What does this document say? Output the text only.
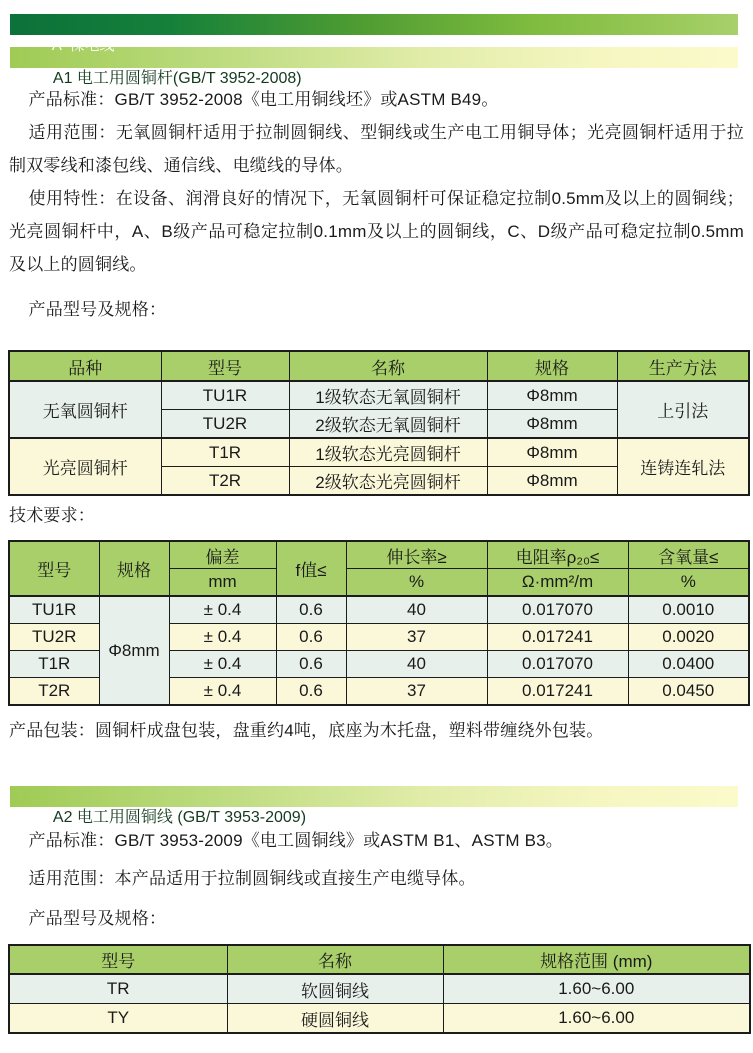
A  裸电线

A1 电工用圆铜杆(GB/T 3952-2008)

产品标准：GB/T 3952-2008《电工用铜线坯》或ASTM B49。

适用范围：无氧圆铜杆适用于拉制圆铜线、型铜线或生产电工用铜导体；光亮圆铜杆适用于拉制双零线和漆包线、通信线、电缆线的导体。

使用特性：在设备、润滑良好的情况下，无氧圆铜杆可保证稳定拉制0.5mm及以上的圆铜线；光亮圆铜杆中，A、B级产品可稳定拉制0.1mm及以上的圆铜线，C、D级产品可稳定拉制0.5mm及以上的圆铜线。

产品型号及规格：

品种	型号	名称	规格	生产方法
无氧圆铜杆	TU1R	1级软态无氧圆铜杆	Φ8mm	上引法
	TU2R	2级软态无氧圆铜杆	Φ8mm	
光亮圆铜杆	T1R	1级软态光亮圆铜杆	Φ8mm	连铸连轧法
	T2R	2级软态光亮圆铜杆	Φ8mm	

技术要求：

型号	规格	偏差	f值≤	伸长率≥	电阻率ρ₂₀≤	含氧量≤
		mm		%	Ω·mm²/m	%
TU1R	Φ8mm	± 0.4	0.6	40	0.017070	0.0010
TU2R		± 0.4	0.6	37	0.017241	0.0020
T1R		± 0.4	0.6	40	0.017070	0.0400
T2R		± 0.4	0.6	37	0.017241	0.0450

产品包装：圆铜杆成盘包装，盘重约4吨，底座为木托盘，塑料带缠绕外包装。

A2 电工用圆铜线 (GB/T 3953-2009)

产品标准：GB/T 3953-2009《电工圆铜线》或ASTM B1、ASTM B3。

适用范围：本产品适用于拉制圆铜线或直接生产电缆导体。

产品型号及规格：

型号	名称	规格范围 (mm)
TR	软圆铜线	1.60~6.00
TY	硬圆铜线	1.60~6.00
